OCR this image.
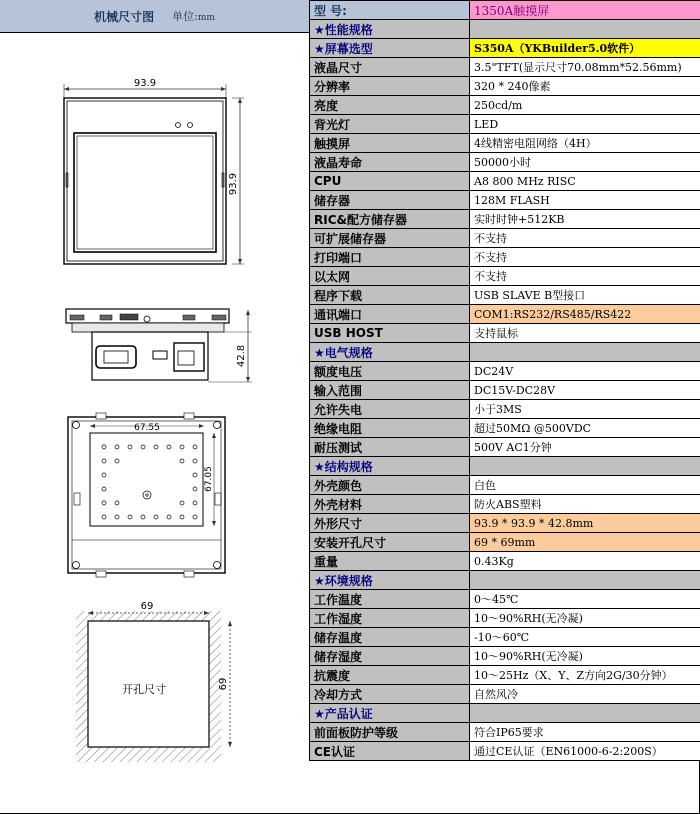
机械尺寸图 单位:mm
93.9
93.9
42.8
67.55
67.05
69
69
开孔尺寸
型 号:	1350A触摸屏
★性能规格	
★屏幕选型	S350A（YKBuilder5.0软件）
液晶尺寸	3.5"TFT(显示尺寸70.08mm*52.56mm)
分辨率	320 * 240像素
亮度	250cd/m
背光灯	LED
触摸屏	4线精密电阻网络（4H）
液晶寿命	50000小时
CPU	A8 800 MHz RISC
储存器	128M FLASH
RIC&配方储存器	实时时钟+512KB
可扩展储存器	不支持
打印端口	不支持
以太网	不支持
程序下载	USB SLAVE B型接口
通讯端口	COM1:RS232/RS485/RS422
USB HOST	支持鼠标
★电气规格	
额度电压	DC24V
输入范围	DC15V-DC28V
允许失电	小于3MS
绝缘电阻	超过50MΩ @500VDC
耐压测试	500V AC1分钟
★结构规格	
外壳颜色	白色
外壳材料	防火ABS塑料
外形尺寸	93.9 * 93.9 * 42.8mm
安装开孔尺寸	69 * 69mm
重量	0.43Kg
★环境规格	
工作温度	0～45℃
工作湿度	10～90%RH(无冷凝)
储存温度	-10～60℃
储存湿度	10～90%RH(无冷凝)
抗震度	10～25Hz（X、Y、Z方向2G/30分钟）
冷却方式	自然风冷
★产品认证	
前面板防护等级	符合IP65要求
CE认证	通过CE认证（EN61000-6-2:200S）
